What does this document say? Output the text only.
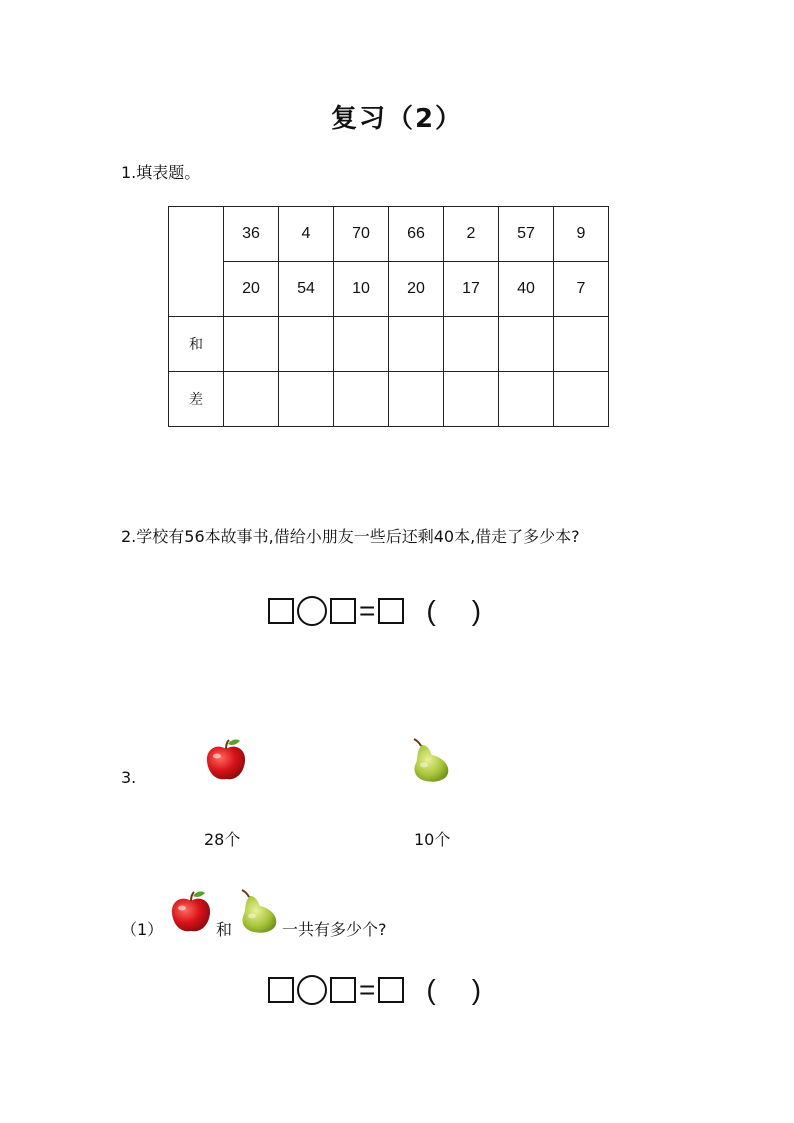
复习（2）
1.填表题。
	36	4	70	66	2	57	9
	20	54	10	20	17	40	7
和							
差							
2.学校有56本故事书,借给小朋友一些后还剩40本,借走了多少本?
= ( )
3.
28个	10个
（1）	和	一共有多少个?
= ( )
